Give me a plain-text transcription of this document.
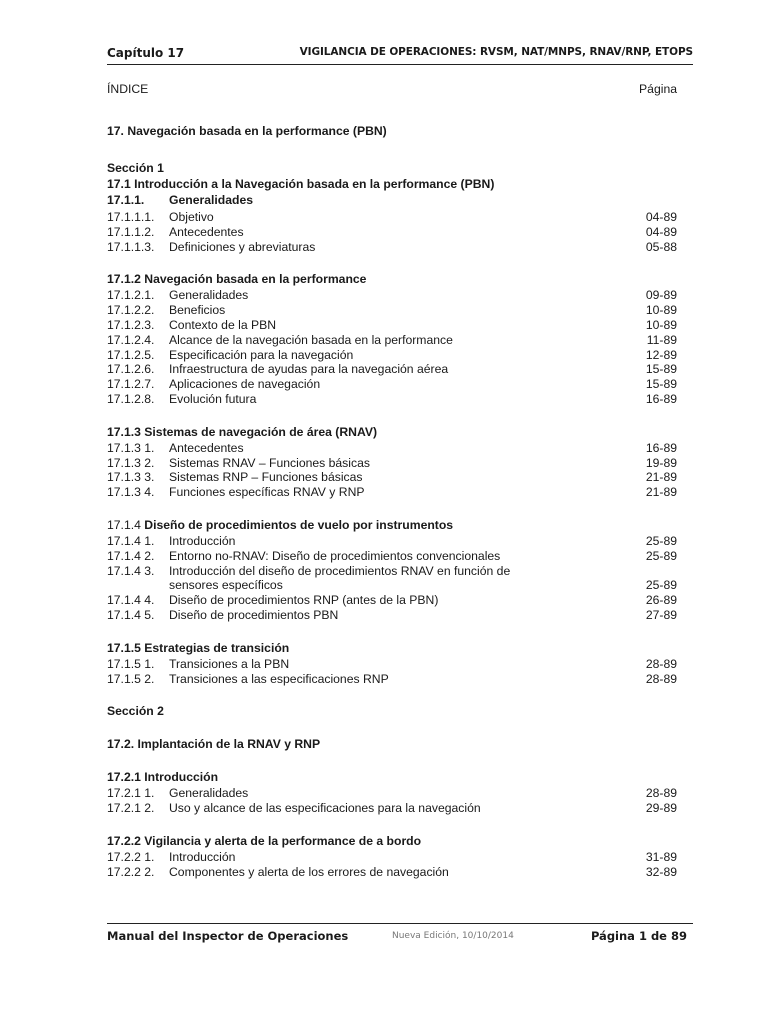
Capítulo 17	VIGILANCIA DE OPERACIONES: RVSM, NAT/MNPS, RNAV/RNP, ETOPS
ÍNDICE	Página
17. Navegación basada en la performance (PBN)
Sección 1
17.1 Introducción a la Navegación basada en la performance (PBN)
17.1.1. Generalidades
17.1.1.1. Objetivo	04-89
17.1.1.2. Antecedentes	04-89
17.1.1.3. Definiciones y abreviaturas	05-88
17.1.2 Navegación basada en la performance
17.1.2.1. Generalidades	09-89
17.1.2.2. Beneficios	10-89
17.1.2.3. Contexto de la PBN	10-89
17.1.2.4. Alcance de la navegación basada en la performance	11-89
17.1.2.5. Especificación para la navegación	12-89
17.1.2.6. Infraestructura de ayudas para la navegación aérea	15-89
17.1.2.7. Aplicaciones de navegación	15-89
17.1.2.8. Evolución futura	16-89
17.1.3 Sistemas de navegación de área (RNAV)
17.1.3 1. Antecedentes	16-89
17.1.3 2. Sistemas RNAV – Funciones básicas	19-89
17.1.3 3. Sistemas RNP – Funciones básicas	21-89
17.1.3 4. Funciones específicas RNAV y RNP	21-89
17.1.4 Diseño de procedimientos de vuelo por instrumentos
17.1.4 1. Introducción	25-89
17.1.4 2. Entorno no-RNAV: Diseño de procedimientos convencionales	25-89
17.1.4 3. Introducción del diseño de procedimientos RNAV en función de
sensores específicos	25-89
17.1.4 4. Diseño de procedimientos RNP (antes de la PBN)	26-89
17.1.4 5. Diseño de procedimientos PBN	27-89
17.1.5 Estrategias de transición
17.1.5 1. Transiciones a la PBN	28-89
17.1.5 2. Transiciones a las especificaciones RNP	28-89
Sección 2
17.2. Implantación de la RNAV y RNP
17.2.1 Introducción
17.2.1 1. Generalidades	28-89
17.2.1 2. Uso y alcance de las especificaciones para la navegación	29-89
17.2.2 Vigilancia y alerta de la performance de a bordo
17.2.2 1. Introducción	31-89
17.2.2 2. Componentes y alerta de los errores de navegación	32-89
Manual del Inspector de Operaciones	Nueva Edición, 10/10/2014	Página 1 de 89
